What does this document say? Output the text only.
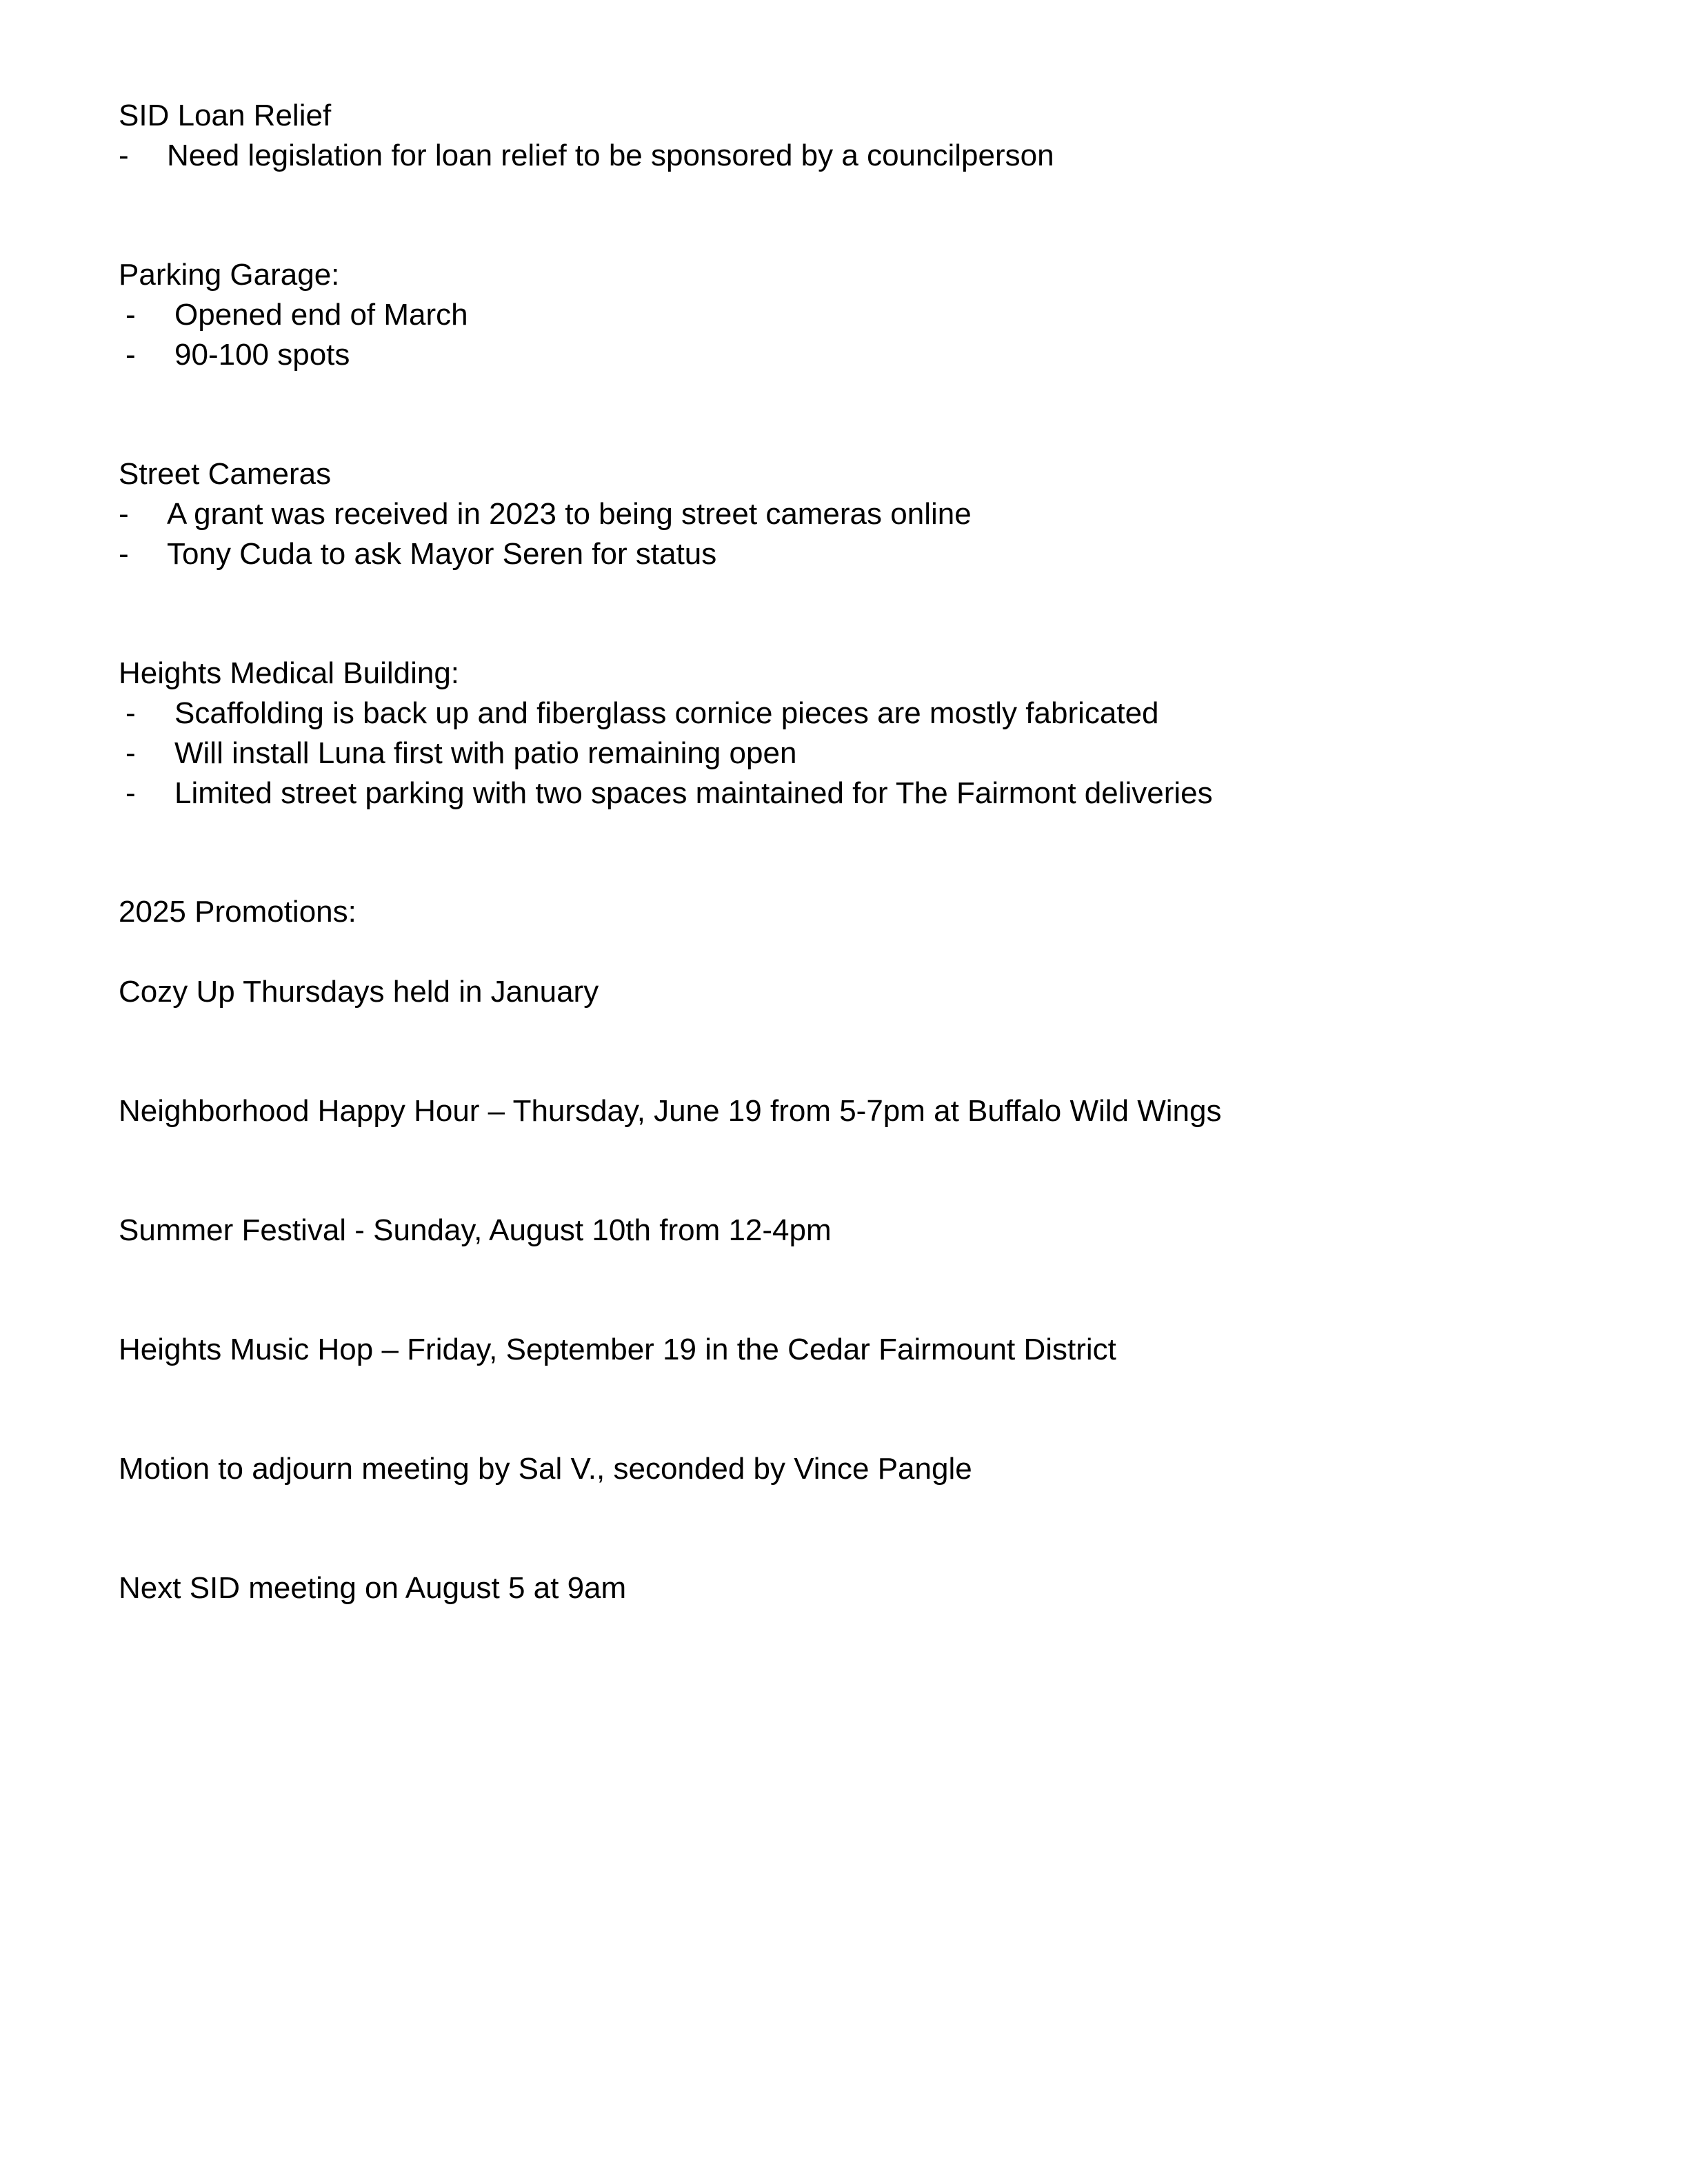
SID Loan Relief
- Need legislation for loan relief to be sponsored by a councilperson
Parking Garage:
- Opened end of March
- 90-100 spots
Street Cameras
- A grant was received in 2023 to being street cameras online
- Tony Cuda to ask Mayor Seren for status
Heights Medical Building:
- Scaffolding is back up and fiberglass cornice pieces are mostly fabricated
- Will install Luna first with patio remaining open
- Limited street parking with two spaces maintained for The Fairmont deliveries
2025 Promotions:
Cozy Up Thursdays held in January
Neighborhood Happy Hour – Thursday, June 19 from 5-7pm at Buffalo Wild Wings
Summer Festival - Sunday, August 10th from 12-4pm
Heights Music Hop – Friday, September 19 in the Cedar Fairmount District
Motion to adjourn meeting by Sal V., seconded by Vince Pangle
Next SID meeting on August 5 at 9am
